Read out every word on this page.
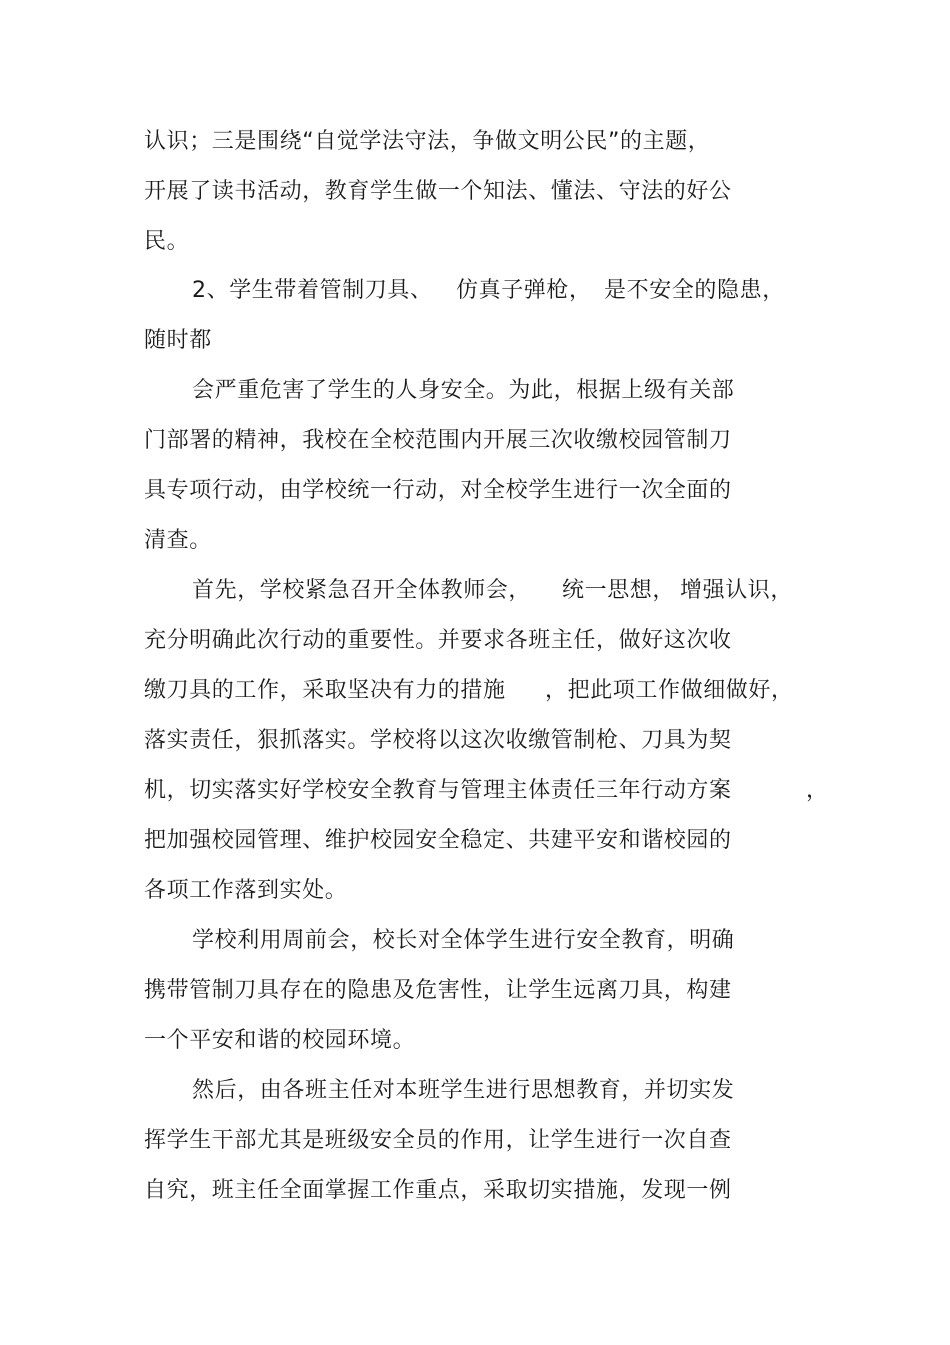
认识；三是围绕“自觉学法守法，争做文明公民”的主题，
开展了读书活动，教育学生做一个知法、懂法、守法的好公
民。

2、学生带着管制刀具、

仿真子弹枪，

是不安全的隐患，

随时都
会严重危害了学生的人身安全。为此，根据上级有关部
门部署的精神，我校在全校范围内开展三次收缴校园管制刀
具专项行动，由学校统一行动，对全校学生进行一次全面的
清查。

首先，学校紧急召开全体教师会，

统一思想，

增强认识，

充分明确此次行动的重要性。并要求各班主任，做好这次收

缴刀具的工作，采取坚决有力的措施

，把此项工作做细做好，

落实责任，狠抓落实。学校将以这次收缴管制枪、刀具为契

机，切实落实好学校安全教育与管理主体责任三年行动方案

	，

把加强校园管理、维护校园安全稳定、共建平安和谐校园的
各项工作落到实处。
学校利用周前会，校长对全体学生进行安全教育，明确
携带管制刀具存在的隐患及危害性，让学生远离刀具，构建
一个平安和谐的校园环境。
然后，由各班主任对本班学生进行思想教育，并切实发
挥学生干部尤其是班级安全员的作用，让学生进行一次自查
自究，班主任全面掌握工作重点，采取切实措施，发现一例
